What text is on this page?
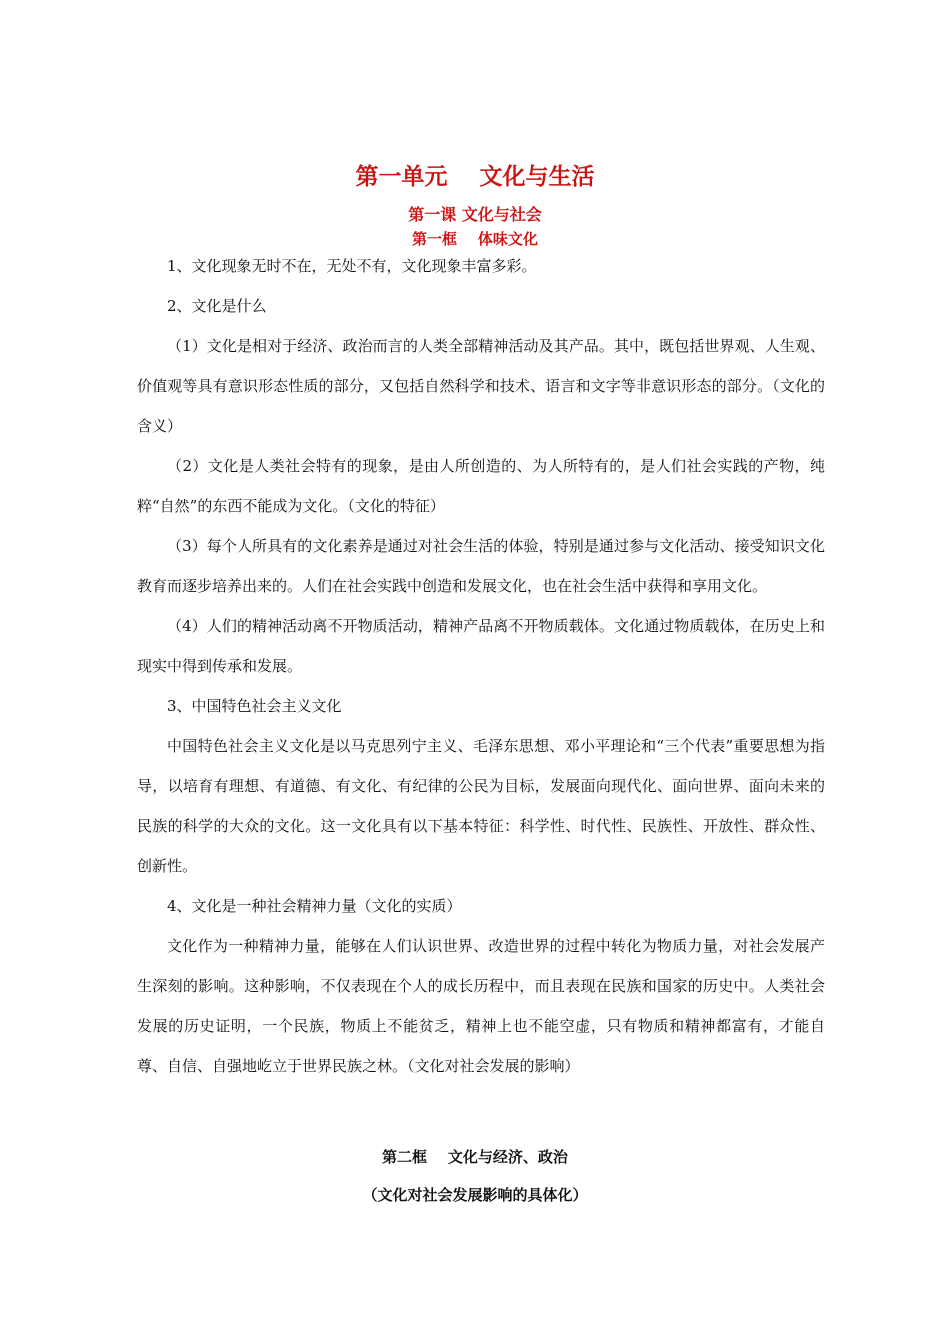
第一单元    文化与生活
第一课 文化与社会
第一框    体味文化

1、文化现象无时不在，无处不有，文化现象丰富多彩。

2、文化是什么

（1）文化是相对于经济、政治而言的人类全部精神活动及其产品。其中，既包括世界观、人生观、价值观等具有意识形态性质的部分，又包括自然科学和技术、语言和文字等非意识形态的部分。（文化的含义）

（2）文化是人类社会特有的现象，是由人所创造的、为人所特有的，是人们社会实践的产物，纯粹“自然”的东西不能成为文化。（文化的特征）

（3）每个人所具有的文化素养是通过对社会生活的体验，特别是通过参与文化活动、接受知识文化教育而逐步培养出来的。人们在社会实践中创造和发展文化，也在社会生活中获得和享用文化。

（4）人们的精神活动离不开物质活动，精神产品离不开物质载体。文化通过物质载体，在历史上和现实中得到传承和发展。

3、中国特色社会主义文化

中国特色社会主义文化是以马克思列宁主义、毛泽东思想、邓小平理论和“三个代表”重要思想为指导，以培育有理想、有道德、有文化、有纪律的公民为目标，发展面向现代化、面向世界、面向未来的民族的科学的大众的文化。这一文化具有以下基本特征：科学性、时代性、民族性、开放性、群众性、创新性。

4、文化是一种社会精神力量（文化的实质）

文化作为一种精神力量，能够在人们认识世界、改造世界的过程中转化为物质力量，对社会发展产生深刻的影响。这种影响，不仅表现在个人的成长历程中，而且表现在民族和国家的历史中。人类社会发展的历史证明，一个民族，物质上不能贫乏，精神上也不能空虚，只有物质和精神都富有，才能自尊、自信、自强地屹立于世界民族之林。（文化对社会发展的影响）

第二框    文化与经济、政治
（文化对社会发展影响的具体化）
